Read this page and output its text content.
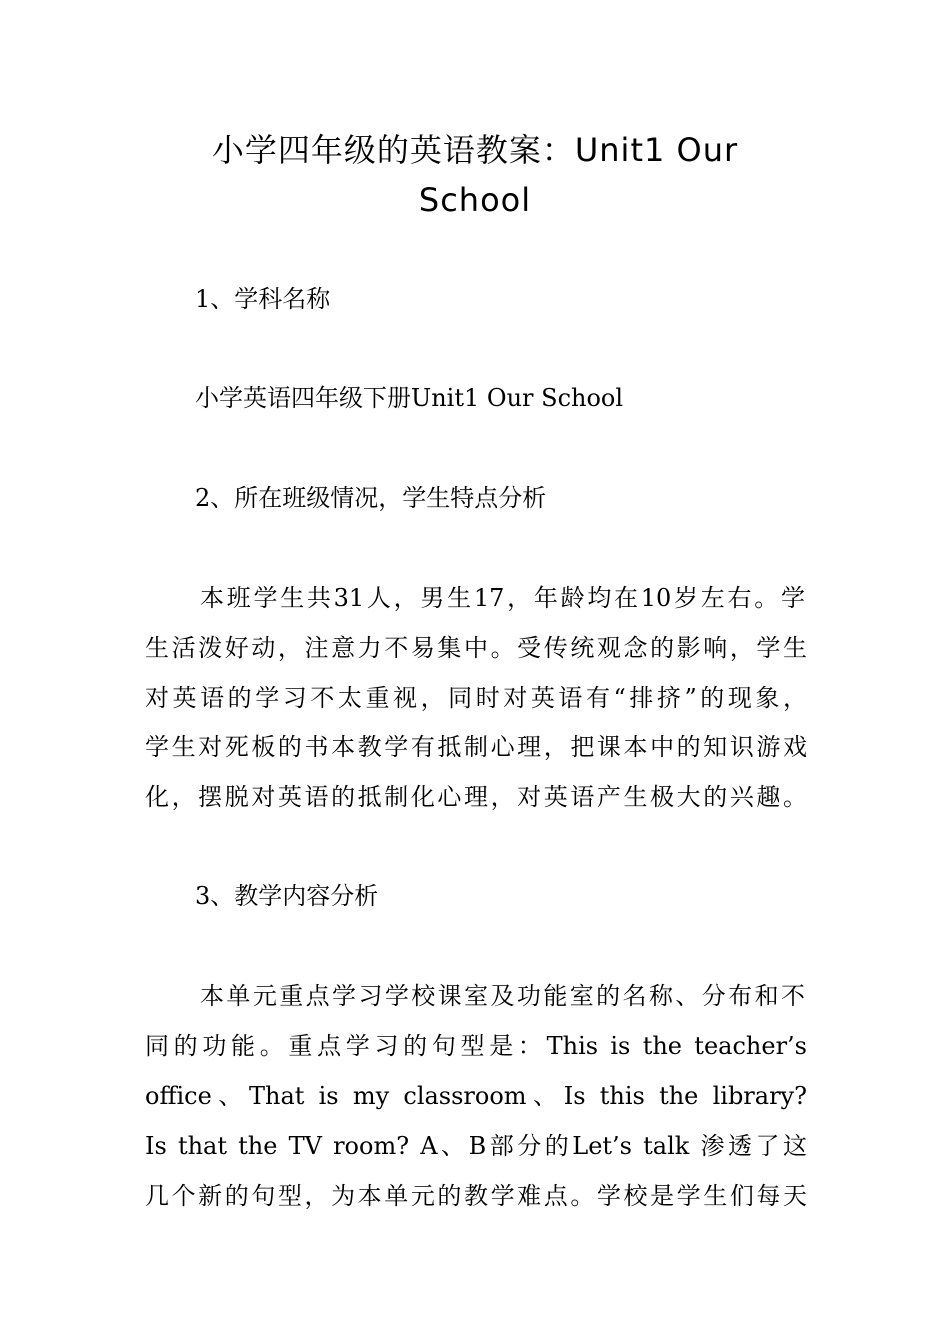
小学四年级的英语教案：Unit1 Our
School
1、学科名称
小学英语四年级下册Unit1 Our School
2、所在班级情况，学生特点分析
本班学生共31人，男生17，年龄均在10岁左右。学
生活泼好动，注意力不易集中。受传统观念的影响，学生
对英语的学习不太重视，同时对英语有“排挤”的现象，
学生对死板的书本教学有抵制心理，把课本中的知识游戏
化，摆脱对英语的抵制化心理，对英语产生极大的兴趣。
3、教学内容分析
本单元重点学习学校课室及功能室的名称、分布和不
同的功能。重点学习的句型是：This is the teacher’s
office、That is my classroom、Is this the library?
Is that the TV room? A、B部分的Let’s talk 渗透了这
几个新的句型，为本单元的教学难点。学校是学生们每天
